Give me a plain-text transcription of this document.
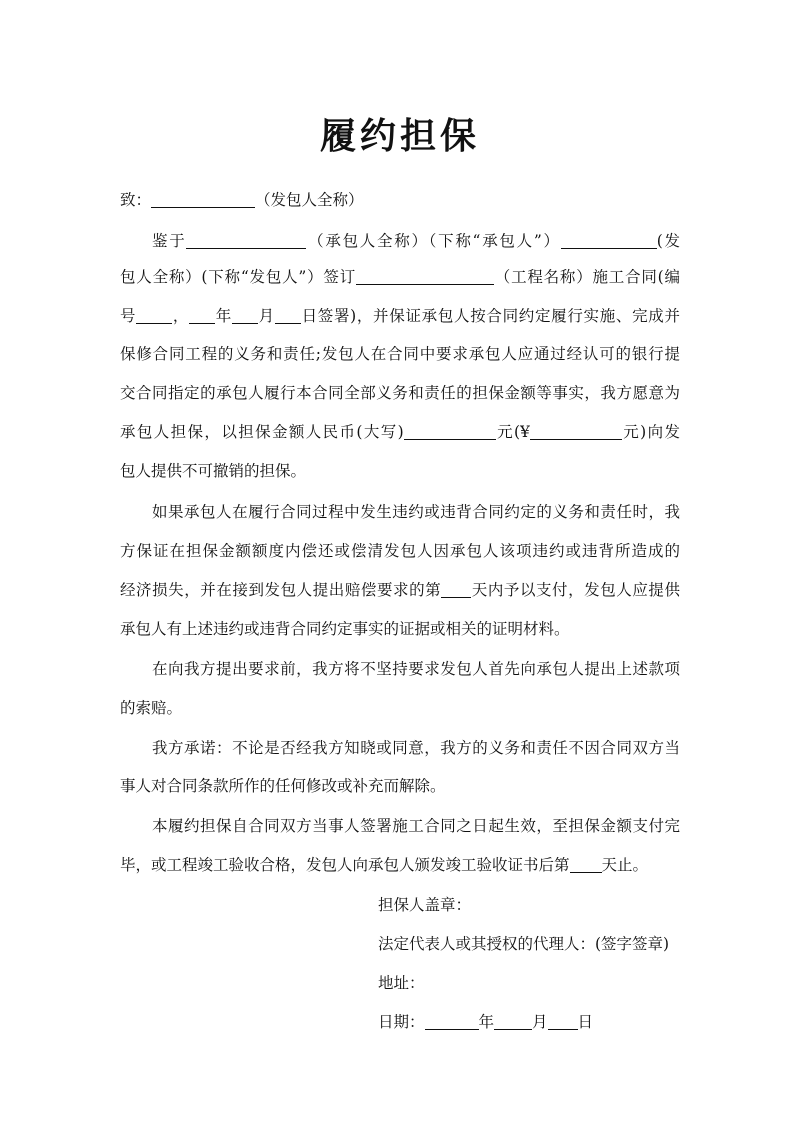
履约担保
致：	（发包人全称）
鉴于	（承包人全称）（下称“承包人”）	(发
包人全称）(下称“发包人”）签订	（工程名称）施工合同(编
号 ， 年 月 日签署)，并保证承包人按合同约定履行实施、完成并
保修合同工程的义务和责任;发包人在合同中要求承包人应通过经认可的银行提
交合同指定的承包人履行本合同全部义务和责任的担保金额等事实，我方愿意为
承包人担保，以担保金额人民币(大写)	元(¥	元)向发
包人提供不可撤销的担保。
如果承包人在履行合同过程中发生违约或违背合同约定的义务和责任时，我
方保证在担保金额额度内偿还或偿清发包人因承包人该项违约或违背所造成的
经济损失，并在接到发包人提出赔偿要求的第 天内予以支付，发包人应提供
承包人有上述违约或违背合同约定事实的证据或相关的证明材料。
在向我方提出要求前，我方将不坚持要求发包人首先向承包人提出上述款项
的索赔。
我方承诺：不论是否经我方知晓或同意，我方的义务和责任不因合同双方当
事人对合同条款所作的任何修改或补充而解除。
本履约担保自合同双方当事人签署施工合同之日起生效，至担保金额支付完
毕，或工程竣工验收合格，发包人向承包人颁发竣工验收证书后第 天止。
担保人盖章：
法定代表人或其授权的代理人：(签字签章)
地址：
日期：	年 月 日
